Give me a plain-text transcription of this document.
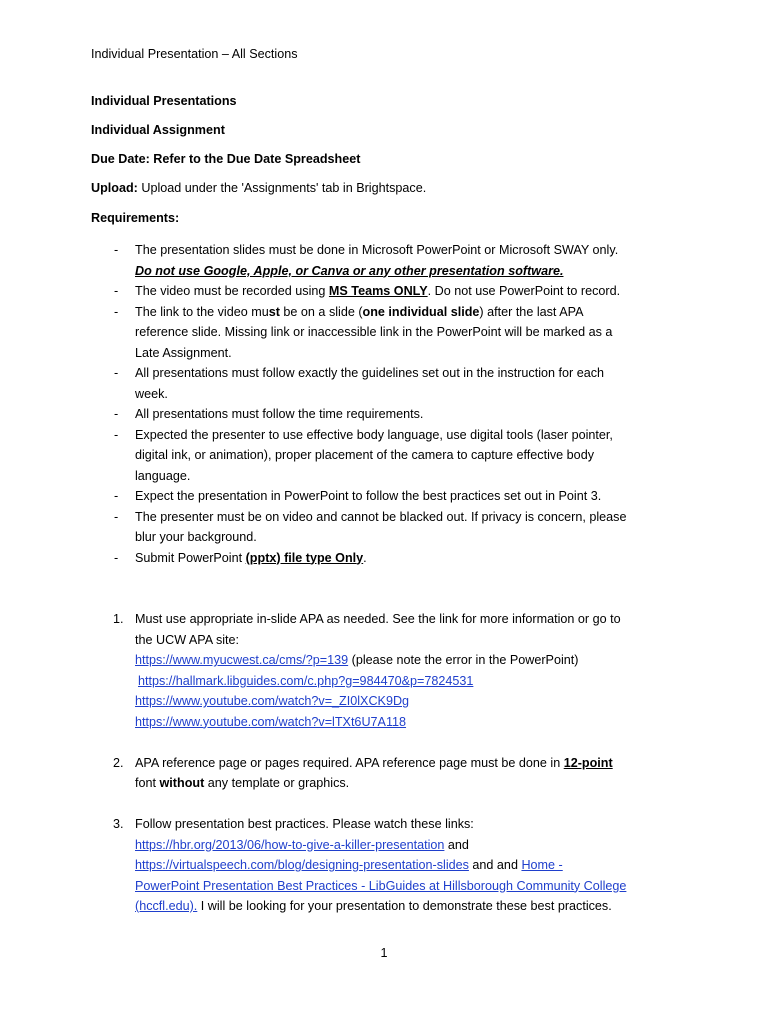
Individual Presentation – All Sections

Individual Presentations

Individual Assignment

Due Date: Refer to the Due Date Spreadsheet

Upload: Upload under the 'Assignments' tab in Brightspace.

Requirements:

- The presentation slides must be done in Microsoft PowerPoint or Microsoft SWAY only.
Do not use Google, Apple, or Canva or any other presentation software.
- The video must be recorded using MS Teams ONLY. Do not use PowerPoint to record.
- The link to the video must be on a slide (one individual slide) after the last APA
reference slide. Missing link or inaccessible link in the PowerPoint will be marked as a
Late Assignment.
- All presentations must follow exactly the guidelines set out in the instruction for each
week.
- All presentations must follow the time requirements.
- Expected the presenter to use effective body language, use digital tools (laser pointer,
digital ink, or animation), proper placement of the camera to capture effective body
language.
- Expect the presentation in PowerPoint to follow the best practices set out in Point 3.
- The presenter must be on video and cannot be blacked out. If privacy is concern, please
blur your background.
- Submit PowerPoint (pptx) file type Only.
1. Must use appropriate in-slide APA as needed. See the link for more information or go to
the UCW APA site:
https://www.myucwest.ca/cms/?p=139 (please note the error in the PowerPoint)
https://hallmark.libguides.com/c.php?g=984470&p=7824531
https://www.youtube.com/watch?v=_ZI0lXCK9Dg
https://www.youtube.com/watch?v=lTXt6U7A118
2. APA reference page or pages required. APA reference page must be done in 12-point
font without any template or graphics.
3. Follow presentation best practices. Please watch these links:
https://hbr.org/2013/06/how-to-give-a-killer-presentation and
https://virtualspeech.com/blog/designing-presentation-slides and and Home -
PowerPoint Presentation Best Practices - LibGuides at Hillsborough Community College
(hccfl.edu). I will be looking for your presentation to demonstrate these best practices.
1
